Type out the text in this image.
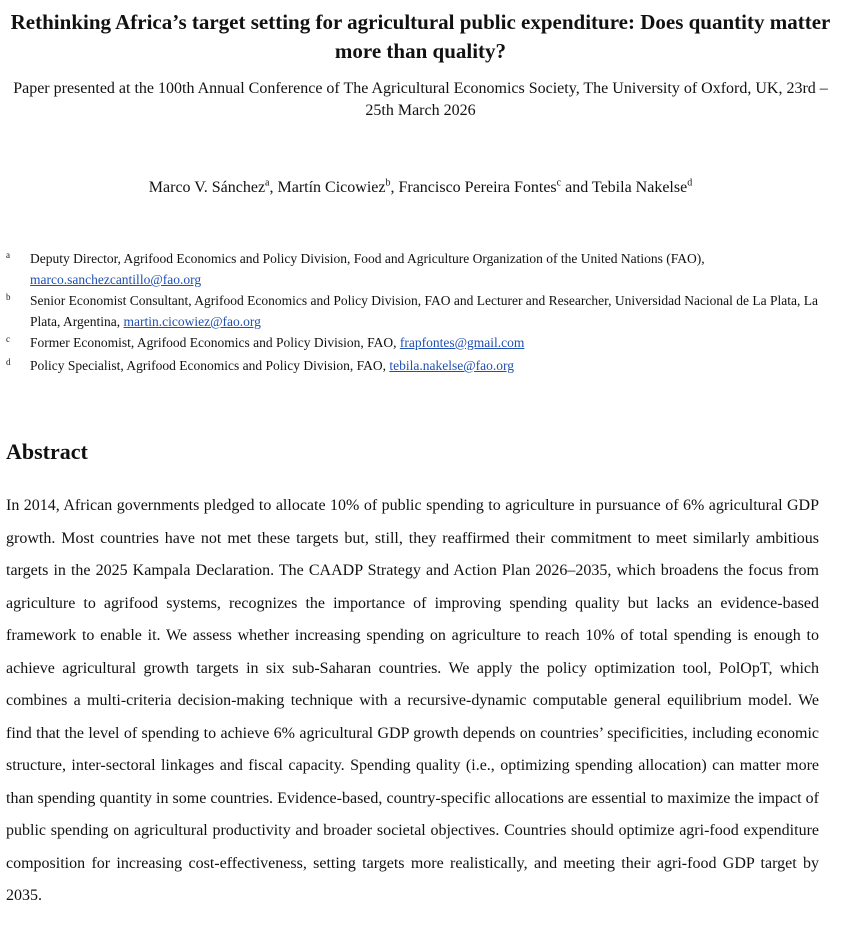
Rethinking Africa’s target setting for agricultural public expenditure: Does quantity matter more than quality?
Paper presented at the 100th Annual Conference of The Agricultural Economics Society, The University of Oxford, UK, 23rd – 25th March 2026
Marco V. Sánchez$^a$, Martín Cicowiez$^b$, Francisco Pereira Fontes$^c$ and Tebila Nakelse$^d$
a Deputy Director, Agrifood Economics and Policy Division, Food and Agriculture Organization of the United Nations (FAO), marco.sanchezcantillo@fao.org
b Senior Economist Consultant, Agrifood Economics and Policy Division, FAO and Lecturer and Researcher, Universidad Nacional de La Plata, La Plata, Argentina, martin.cicowiez@fao.org
c Former Economist, Agrifood Economics and Policy Division, FAO, frapfontes@gmail.com
d Policy Specialist, Agrifood Economics and Policy Division, FAO, tebila.nakelse@fao.org
Abstract
In 2014, African governments pledged to allocate 10% of public spending to agriculture in pursuance of 6% agricultural GDP growth. Most countries have not met these targets but, still, they reaffirmed their commitment to meet similarly ambitious targets in the 2025 Kampala Declaration. The CAADP Strategy and Action Plan 2026–2035, which broadens the focus from agriculture to agrifood systems, recognizes the importance of improving spending quality but lacks an evidence-based framework to enable it. We assess whether increasing spending on agriculture to reach 10% of total spending is enough to achieve agricultural growth targets in six sub-Saharan countries. We apply the policy optimization tool, PolOpT, which combines a multi-criteria decision-making technique with a recursive-dynamic computable general equilibrium model. We find that the level of spending to achieve 6% agricultural GDP growth depends on countries’ specificities, including economic structure, inter-sectoral linkages and fiscal capacity. Spending quality (i.e., optimizing spending allocation) can matter more than spending quantity in some countries. Evidence-based, country-specific allocations are essential to maximize the impact of public spending on agricultural productivity and broader societal objectives. Countries should optimize agri-food expenditure composition for increasing cost-effectiveness, setting targets more realistically, and meeting their agri-food GDP target by 2035.
